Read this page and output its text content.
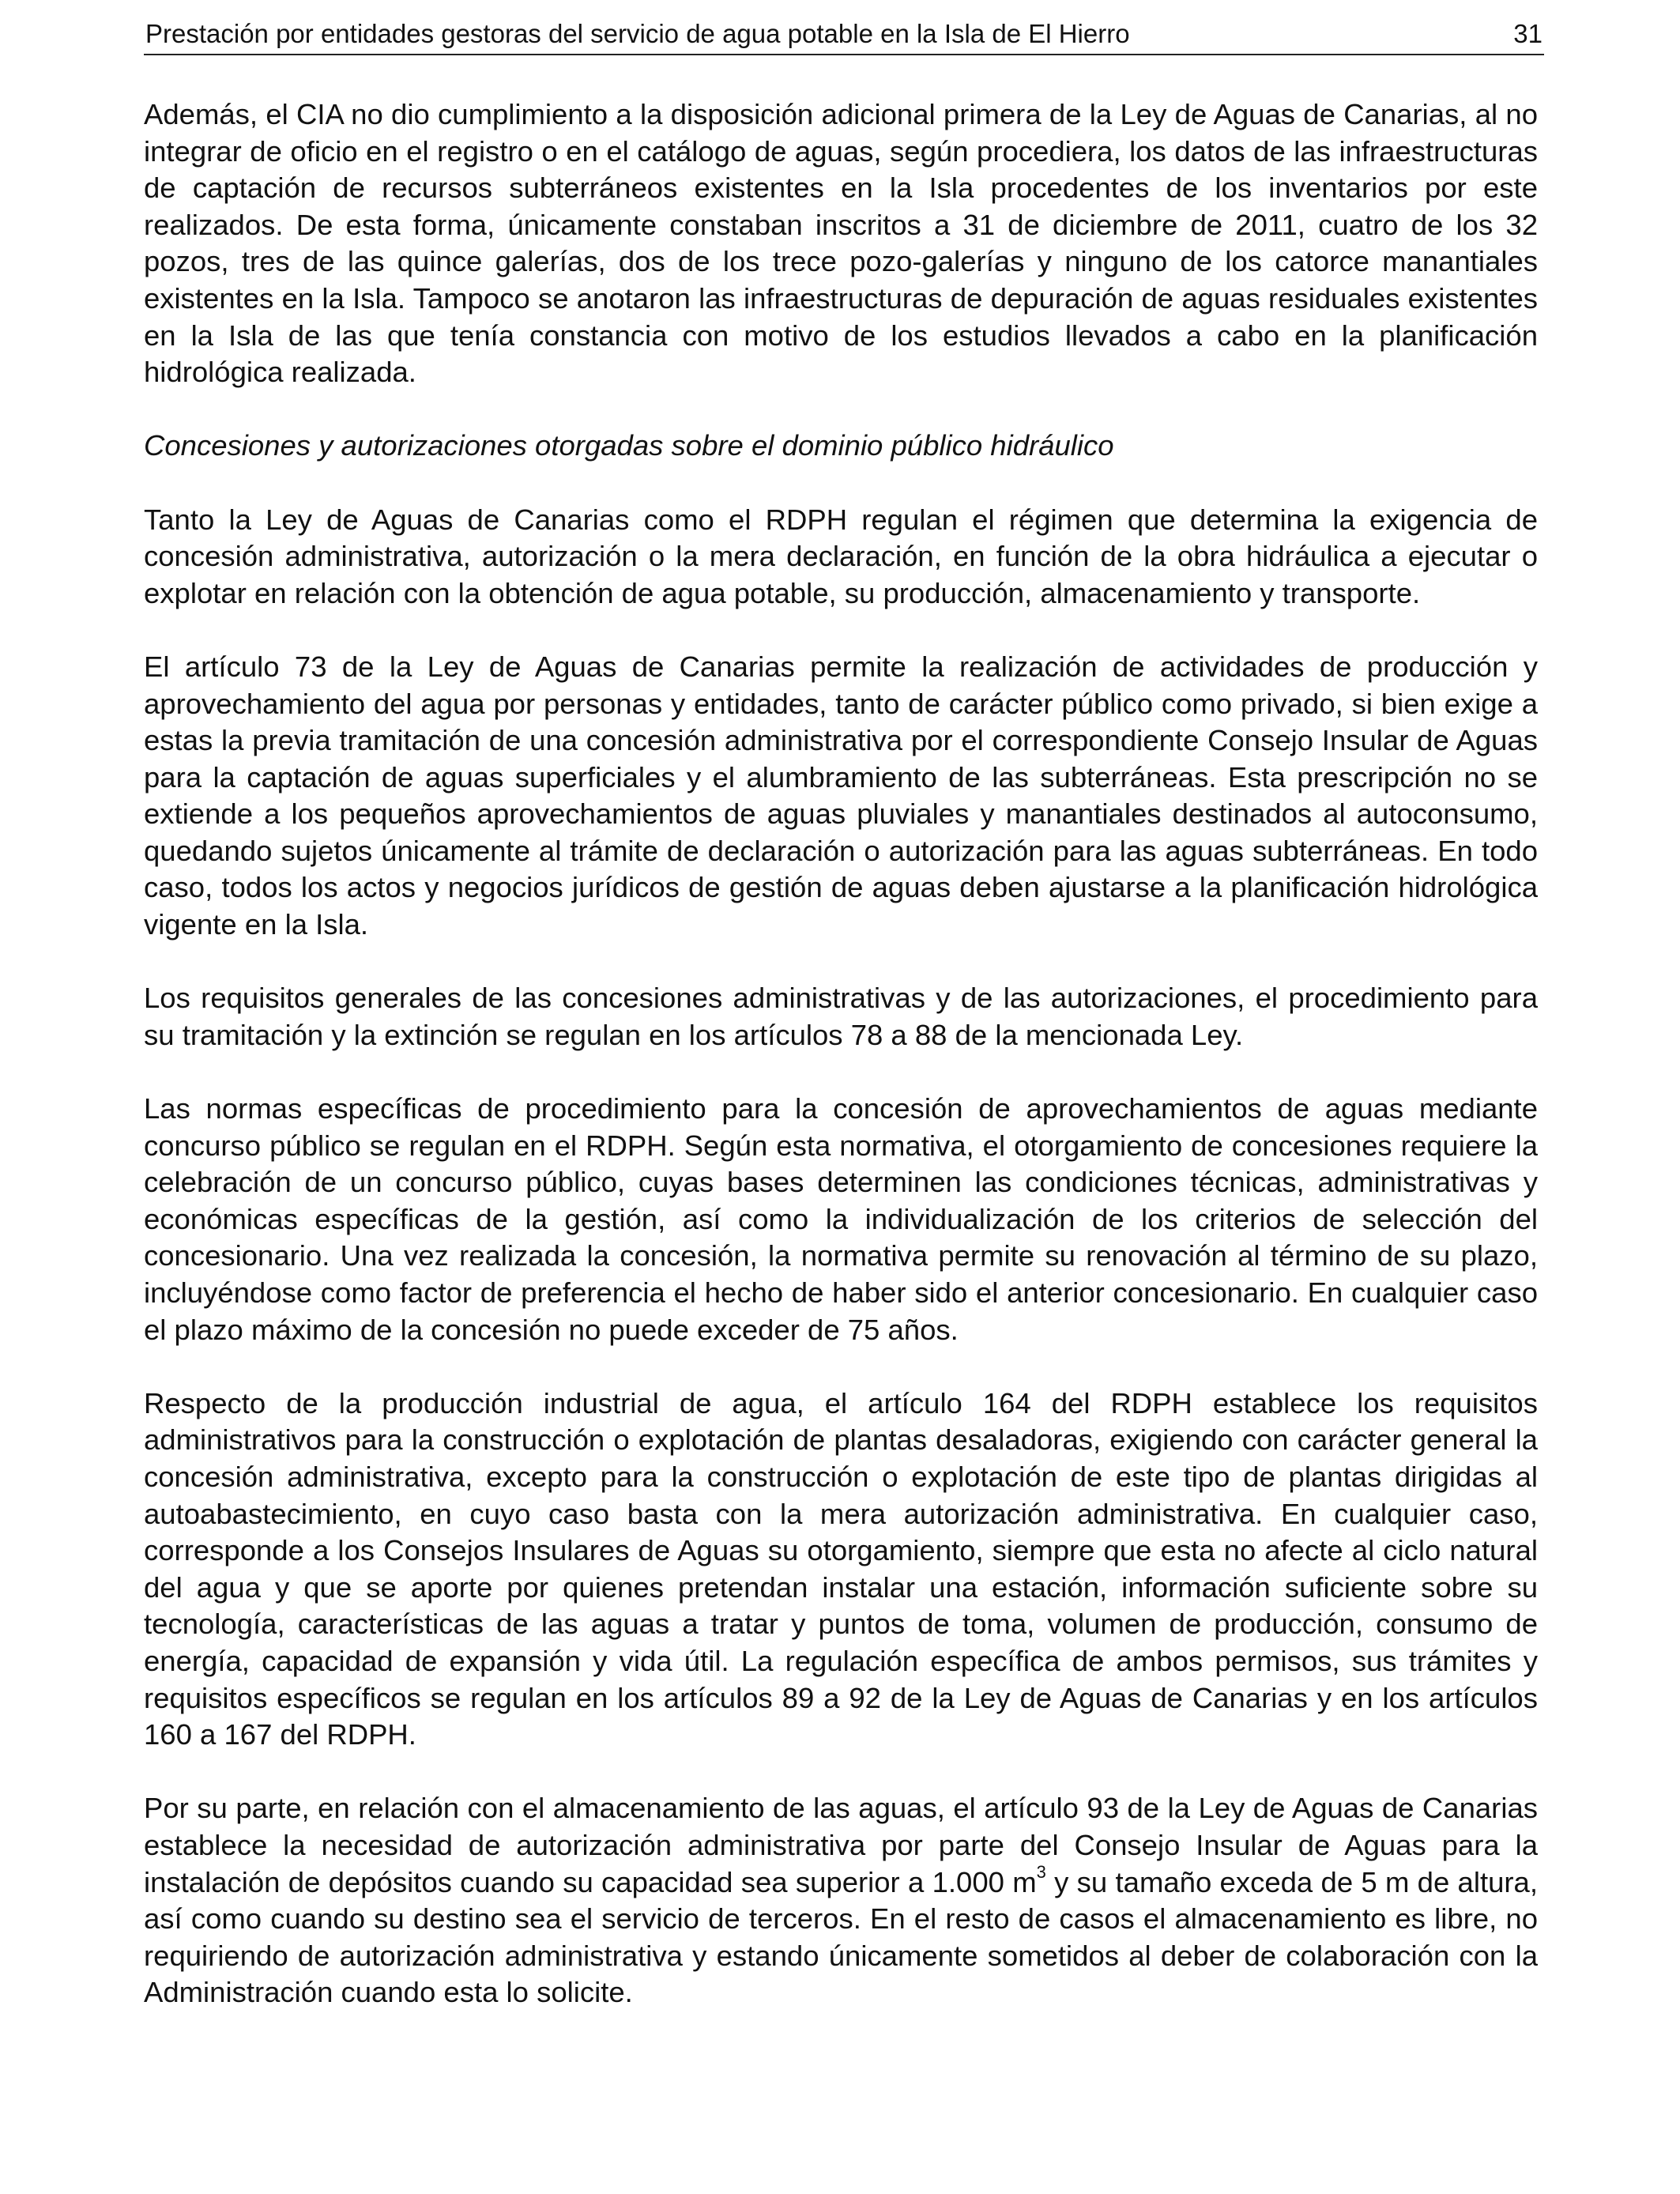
Prestación por entidades gestoras del servicio de agua potable en la Isla de El Hierro	31

Además, el CIA no dio cumplimiento a la disposición adicional primera de la Ley de Aguas de Canarias, al no integrar de oficio en el registro o en el catálogo de aguas, según procediera, los datos de las infraestructuras de captación de recursos subterráneos existentes en la Isla procedentes de los inventarios por este realizados. De esta forma, únicamente constaban inscritos a 31 de diciembre de 2011, cuatro de los 32 pozos, tres de las quince galerías, dos de los trece pozo-galerías y ninguno de los catorce manantiales existentes en la Isla. Tampoco se anotaron las infraestructuras de depuración de aguas residuales existentes en la Isla de las que tenía constancia con motivo de los estudios llevados a cabo en la planificación hidrológica realizada.

Concesiones y autorizaciones otorgadas sobre el dominio público hidráulico

Tanto la Ley de Aguas de Canarias como el RDPH regulan el régimen que determina la exigencia de concesión administrativa, autorización o la mera declaración, en función de la obra hidráulica a ejecutar o explotar en relación con la obtención de agua potable, su producción, almacenamiento y transporte.

El artículo 73 de la Ley de Aguas de Canarias permite la realización de actividades de producción y aprovechamiento del agua por personas y entidades, tanto de carácter público como privado, si bien exige a estas la previa tramitación de una concesión administrativa por el correspondiente Consejo Insular de Aguas para la captación de aguas superficiales y el alumbramiento de las subterráneas. Esta prescripción no se extiende a los pequeños aprovechamientos de aguas pluviales y manantiales destinados al autoconsumo, quedando sujetos únicamente al trámite de declaración o autorización para las aguas subterráneas. En todo caso, todos los actos y negocios jurídicos de gestión de aguas deben ajustarse a la planificación hidrológica vigente en la Isla.

Los requisitos generales de las concesiones administrativas y de las autorizaciones, el procedimiento para su tramitación y la extinción se regulan en los artículos 78 a 88 de la mencionada Ley.

Las normas específicas de procedimiento para la concesión de aprovechamientos de aguas mediante concurso público se regulan en el RDPH. Según esta normativa, el otorgamiento de concesiones requiere la celebración de un concurso público, cuyas bases determinen las condiciones técnicas, administrativas y económicas específicas de la gestión, así como la individualización de los criterios de selección del concesionario. Una vez realizada la concesión, la normativa permite su renovación al término de su plazo, incluyéndose como factor de preferencia el hecho de haber sido el anterior concesionario. En cualquier caso el plazo máximo de la concesión no puede exceder de 75 años.

Respecto de la producción industrial de agua, el artículo 164 del RDPH establece los requisitos administrativos para la construcción o explotación de plantas desaladoras, exigiendo con carácter general la concesión administrativa, excepto para la construcción o explotación de este tipo de plantas dirigidas al autoabastecimiento, en cuyo caso basta con la mera autorización administrativa. En cualquier caso, corresponde a los Consejos Insulares de Aguas su otorgamiento, siempre que esta no afecte al ciclo natural del agua y que se aporte por quienes pretendan instalar una estación, información suficiente sobre su tecnología, características de las aguas a tratar y puntos de toma, volumen de producción, consumo de energía, capacidad de expansión y vida útil. La regulación específica de ambos permisos, sus trámites y requisitos específicos se regulan en los artículos 89 a 92 de la Ley de Aguas de Canarias y en los artículos 160 a 167 del RDPH.

Por su parte, en relación con el almacenamiento de las aguas, el artículo 93 de la Ley de Aguas de Canarias establece la necesidad de autorización administrativa por parte del Consejo Insular de Aguas para la instalación de depósitos cuando su capacidad sea superior a 1.000 $m^3$ y su tamaño exceda de 5 m de altura, así como cuando su destino sea el servicio de terceros. En el resto de casos el almacenamiento es libre, no requiriendo de autorización administrativa y estando únicamente sometidos al deber de colaboración con la Administración cuando esta lo solicite.
